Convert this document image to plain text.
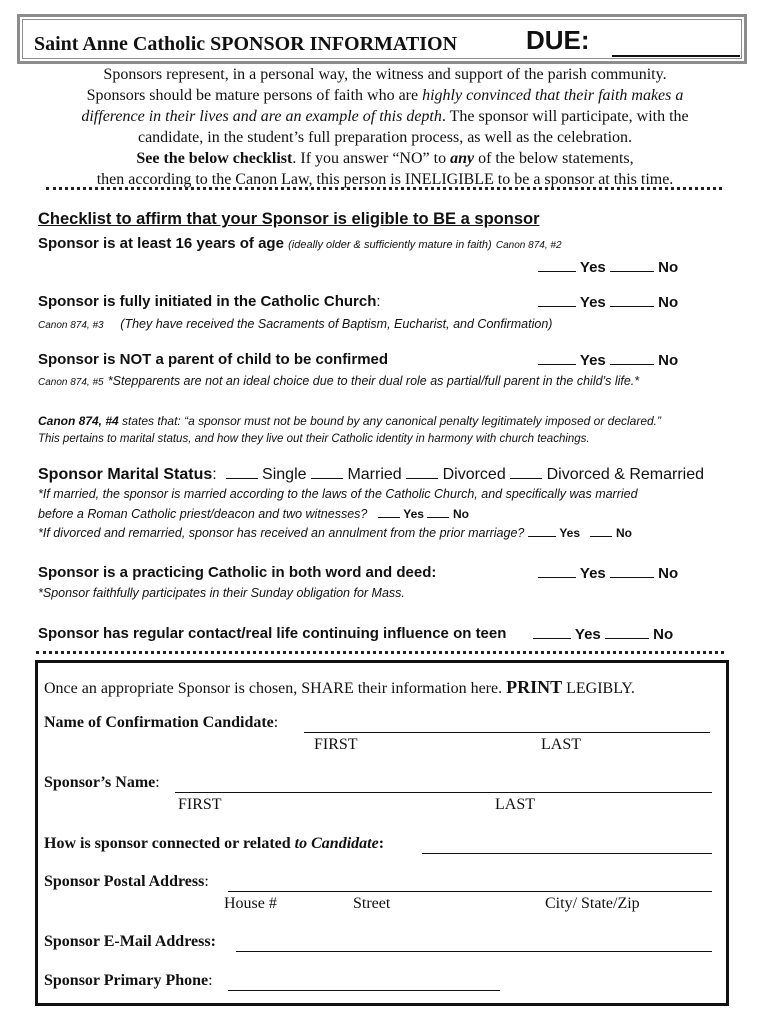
Saint Anne Catholic SPONSOR INFORMATION	DUE:
Sponsors represent, in a personal way, the witness and support of the parish community.
Sponsors should be mature persons of faith who are highly convinced that their faith makes a
difference in their lives and are an example of this depth. The sponsor will participate, with the
candidate, in the student’s full preparation process, as well as the celebration.
See the below checklist. If you answer “NO” to any of the below statements,
then according to the Canon Law, this person is INELIGIBLE to be a sponsor at this time.
Checklist to affirm that your Sponsor is eligible to BE a sponsor
Sponsor is at least 16 years of age (ideally older & sufficiently mature in faith) Canon 874, #2
Yes	No
Sponsor is fully initiated in the Catholic Church:	Yes	No
Canon 874, #3 (They have received the Sacraments of Baptism, Eucharist, and Confirmation)
Sponsor is NOT a parent of child to be confirmed	Yes	No
Canon 874, #5 *Stepparents are not an ideal choice due to their dual role as partial/full parent in the child’s life.*
Canon 874, #4 states that: “a sponsor must not be bound by any canonical penalty legitimately imposed or declared.”
This pertains to marital status, and how they live out their Catholic identity in harmony with church teachings.
Sponsor Marital Status:	Single	Married	Divorced	Divorced & Remarried
*If married, the sponsor is married according to the laws of the Catholic Church, and specifically was married
before a Roman Catholic priest/deacon and two witnesses?	Yes No
*If divorced and remarried, sponsor has received an annulment from the prior marriage?	Yes	No
Sponsor is a practicing Catholic in both word and deed:	Yes	No
*Sponsor faithfully participates in their Sunday obligation for Mass.
Sponsor has regular contact/real life continuing influence on teen	Yes	No
Once an appropriate Sponsor is chosen, SHARE their information here. PRINT LEGIBLY.
Name of Confirmation Candidate:
FIRST	LAST
Sponsor’s Name:
FIRST	LAST
How is sponsor connected or related to Candidate:
Sponsor Postal Address:
House #	Street	City/ State/Zip
Sponsor E-Mail Address:
Sponsor Primary Phone:
